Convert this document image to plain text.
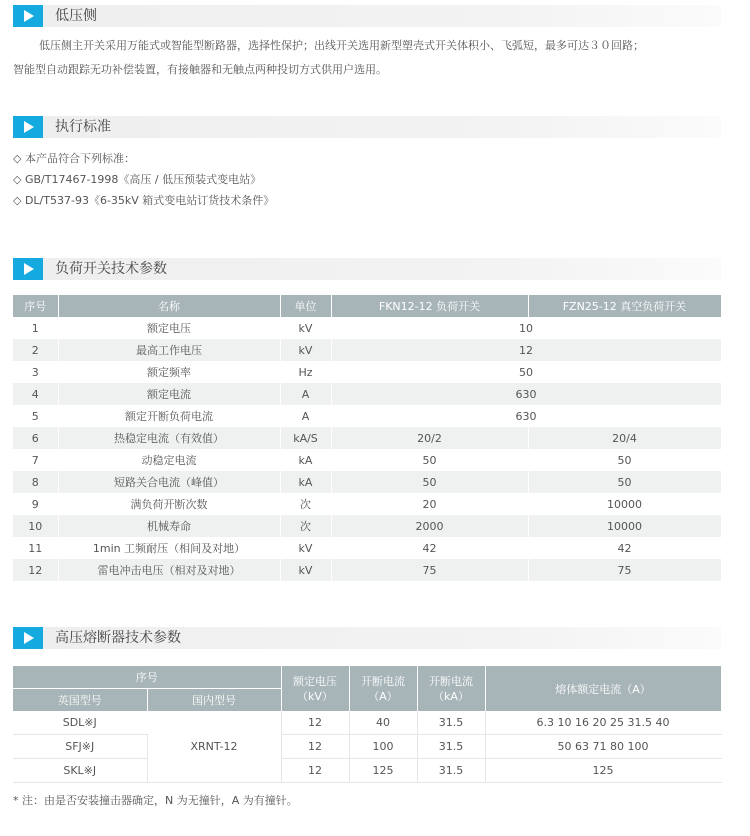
低压侧
低压侧主开关采用万能式或智能型断路器，选择性保护；出线开关选用新型塑壳式开关体积小、飞弧短，最多可达３０回路；
智能型自动跟踪无功补偿装置，有接触器和无触点两种投切方式供用户选用。
执行标准
◇ 本产品符合下列标准：
◇ GB/T17467-1998《高压 / 低压预装式变电站》
◇ DL/T537-93《6-35kV 箱式变电站订货技术条件》
负荷开关技术参数
序号	名称	单位	FKN12-12 负荷开关	FZN25-12 真空负荷开关
1	额定电压	kV	10	
2	最高工作电压	kV	12	
3	额定频率	Hz	50	
4	额定电流	A	630	
5	额定开断负荷电流	A	630	
6	热稳定电流（有效值）	kA/S	20/2	20/4
7	动稳定电流	kA	50	50
8	短路关合电流（峰值）	kA	50	50
9	满负荷开断次数	次	20	10000
10	机械寿命	次	2000	10000
11	1min 工频耐压（相间及对地）	kV	42	42
12	雷电冲击电压（相对及对地）	kV	75	75
高压熔断器技术参数
序号		额定电压（kV）	开断电流（A）	开断电流（kA）	熔体额定电流（A）
英国型号	国内型号				
SDL※J	XRNT-12	12	40	31.5	6.3 10 16 20 25 31.5 40
SFJ※J		12	100	31.5	50 63 71 80 100
SKL※J		12	125	31.5	125
* 注：由是否安装撞击器确定，N 为无撞针，A 为有撞针。
